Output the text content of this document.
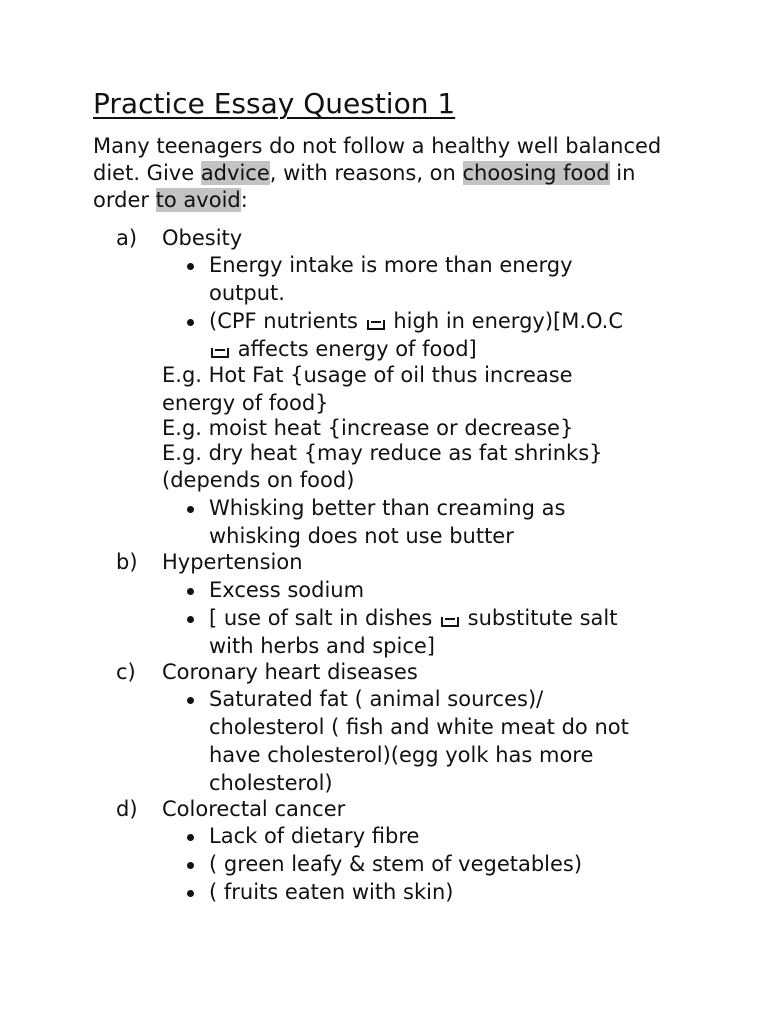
Practice Essay Question 1

Many teenagers do not follow a healthy well balanced diet. Give advice, with reasons, on choosing food in order to avoid:

a) Obesity
Energy intake is more than energy
output.
(CPF nutrients high in energy)[M.O.C
affects energy of food]
E.g. Hot Fat {usage of oil thus increase
energy of food}
E.g. moist heat {increase or decrease}
E.g. dry heat {may reduce as fat shrinks}
(depends on food)
Whisking better than creaming as
whisking does not use butter
b) Hypertension
Excess sodium
[ use of salt in dishes substitute salt
with herbs and spice]
c) Coronary heart diseases
Saturated fat ( animal sources)/
cholesterol ( fish and white meat do not
have cholesterol)(egg yolk has more
cholesterol)
d) Colorectal cancer
Lack of dietary fibre
( green leafy & stem of vegetables)
( fruits eaten with skin)
